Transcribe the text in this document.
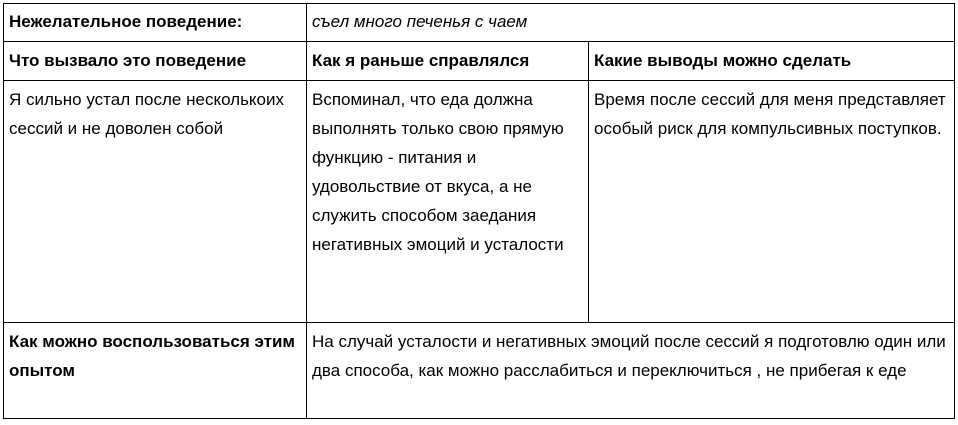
Нежелательное поведение:	съел много печенья с чаем	
Что вызвало это поведение	Как я раньше справлялся	Какие выводы можно сделать
Я сильно устал после несколькоих сессий и не доволен собой	Вспоминал, что еда должна выполнять только свою прямую функцию - питания и удовольствие от вкуса, а не служить способом заедания негативных эмоций и усталости	Время после сессий для меня представляет особый риск для компульсивных поступков.
Как можно воспользоваться этим опытом	На случай усталости и негативных эмоций после сессий я подготовлю один или два способа, как можно расслабиться и переключиться , не прибегая к еде	
